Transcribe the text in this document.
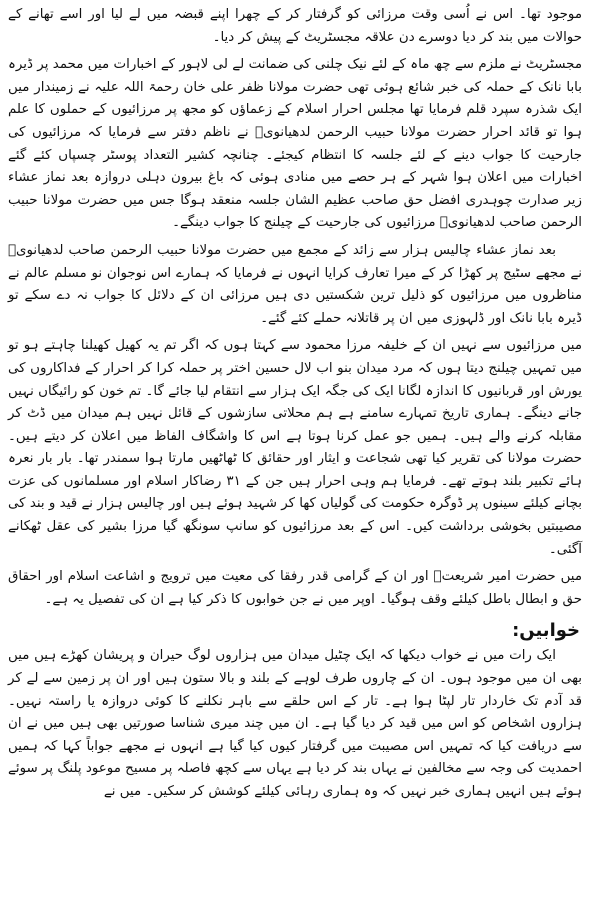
موجود تھا۔ اس نے اُسی وقت مرزائی کو گرفتار کر کے چھرا اپنے قبضہ میں لے لیا اور اسے تھانے کے حوالات میں بند کر دیا دوسرے دن علاقہ مجسٹریٹ کے پیش کر دیا۔

مجسٹریٹ نے ملزم سے چھ ماہ کے لئے نیک چلنی کی ضمانت لے لی لاہور کے اخبارات میں محمد پر ڈیرہ بابا نانک کے حملہ کی خبر شائع ہوئی تھی حضرت مولانا ظفر علی خان رحمۃ اللہ علیہ نے زمیندار میں ایک شذرہ سپرد قلم فرمایا تھا مجلس احرار اسلام کے زعماؤں کو مجھ پر مرزائیوں کے حملوں کا علم ہوا تو قائد احرار حضرت مولانا حبیب الرحمن لدھیانویؒ نے ناظم دفتر سے فرمایا کہ مرزائیوں کی جارحیت کا جواب دینے کے لئے جلسہ کا انتظام کیجئے۔ چنانچہ کشیر التعداد پوسٹر چسپاں کئے گئے اخبارات میں اعلان ہوا شہر کے ہر حصے میں منادی ہوئی کہ باغ بیرون دہلی دروازہ بعد نماز عشاء زیر صدارت چوہدری افضل حق صاحب عظیم الشان جلسہ منعقد ہوگا جس میں حضرت مولانا حبیب الرحمن صاحب لدھیانویؒ مرزائیوں کی جارحیت کے چیلنج کا جواب دینگے۔

بعد نماز عشاء چالیس ہزار سے زائد کے مجمع میں حضرت مولانا حبیب الرحمن صاحب لدھیانویؒ نے مجھے سٹیج پر کھڑا کر کے میرا تعارف کرایا انہوں نے فرمایا کہ ہمارے اس نوجوان نو مسلم عالم نے مناظروں میں مرزائیوں کو ذلیل ترین شکستیں دی ہیں مرزائی ان کے دلائل کا جواب نہ دے سکے تو ڈیرہ بابا نانک اور ڈلہوزی میں ان پر قاتلانہ حملے کئے گئے۔

میں مرزائیوں سے نہیں ان کے خلیفہ مرزا محمود سے کہتا ہوں کہ اگر تم یہ کھیل کھیلنا چاہتے ہو تو میں تمہیں چیلنج دیتا ہوں کہ مرد میدان بنو اب لال حسین اختر پر حملہ کرا کر احرار کے فداکاروں کی یورش اور قربانیوں کا اندازہ لگانا ایک کی جگہ ایک ہزار سے انتقام لیا جائے گا۔ تم خون کو رائیگاں نہیں جانے دینگے۔ ہماری تاریخ تمہارے سامنے ہے ہم محلاتی سازشوں کے قائل نہیں ہم میدان میں ڈٹ کر مقابلہ کرنے والے ہیں۔ ہمیں جو عمل کرنا ہوتا ہے اس کا واشگاف الفاظ میں اعلان کر دیتے ہیں۔ حضرت مولانا کی تقریر کیا تھی شجاعت و ایثار اور حقائق کا ٹھاٹھیں مارتا ہوا سمندر تھا۔ بار بار نعرہ ہائے تکبیر بلند ہوتے تھے۔ فرمایا ہم وہی احرار ہیں جن کے ۳۱ رضاکار اسلام اور مسلمانوں کی عزت بچانے کیلئے سینوں پر ڈوگرہ حکومت کی گولیاں کھا کر شہید ہوئے ہیں اور چالیس ہزار نے قید و بند کی مصیبتیں بخوشی برداشت کیں۔ اس کے بعد مرزائیوں کو سانپ سونگھ گیا مرزا بشیر کی عقل ٹھکانے آگئی۔

میں حضرت امیر شریعتؒ اور ان کے گرامی قدر رفقا کی معیت میں ترویج و اشاعت اسلام اور احقاق حق و ابطال باطل کیلئے وقف ہوگیا۔ اوپر میں نے جن خوابوں کا ذکر کیا ہے ان کی تفصیل یہ ہے۔

خوابیں:

ایک رات میں نے خواب دیکھا کہ ایک چٹیل میدان میں ہزاروں لوگ حیران و پریشان کھڑے ہیں میں بھی ان میں موجود ہوں۔ ان کے چاروں طرف لوہے کے بلند و بالا ستون ہیں اور ان پر زمین سے لے کر قد آدم تک خاردار تار لپٹا ہوا ہے۔ تار کے اس حلقے سے باہر نکلنے کا کوئی دروازہ یا راستہ نہیں۔ ہزاروں اشخاص کو اس میں قید کر دیا گیا ہے۔ ان میں چند میری شناسا صورتیں بھی ہیں میں نے ان سے دریافت کیا کہ تمہیں اس مصیبت میں گرفتار کیوں کیا گیا ہے انہوں نے مجھے جواباً کہا کہ ہمیں احمدیت کی وجہ سے مخالفین نے یہاں بند کر دیا ہے یہاں سے کچھ فاصلہ پر مسیح موعود پلنگ پر سوئے ہوئے ہیں انہیں ہماری خبر نہیں کہ وہ ہماری رہائی کیلئے کوشش کر سکیں۔ میں نے
